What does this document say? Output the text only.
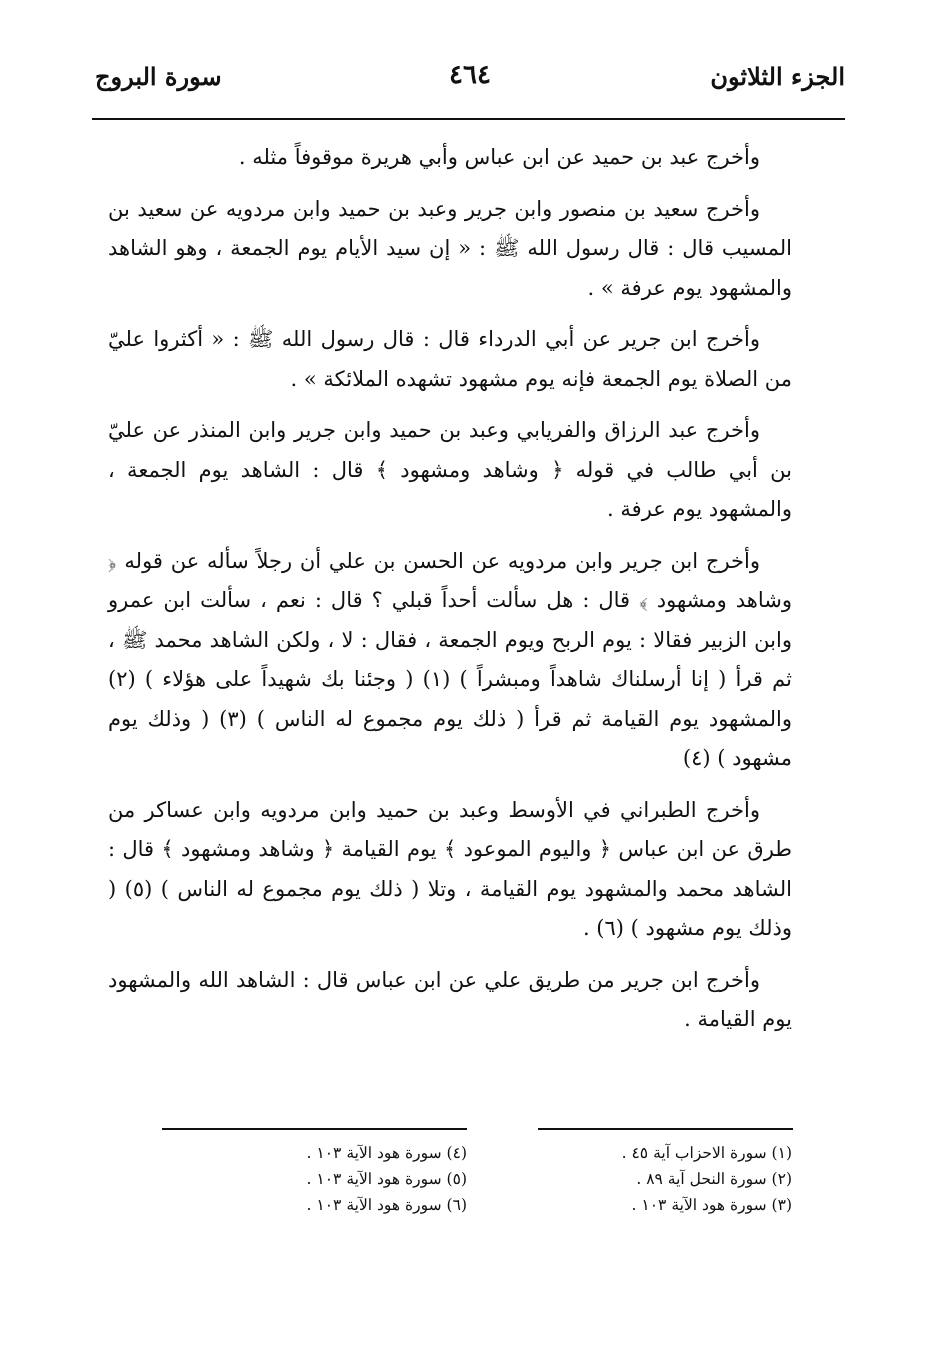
الجزء الثلاثون
٤٦٤
سورة البروج

وأخرج عبد بن حميد عن ابن عباس وأبي هريرة موقوفاً مثله .

وأخرج سعيد بن منصور وابن جرير وعبد بن حميد وابن مردويه عن سعيد بن المسيب قال : قال رسول الله ﷺ : « إن سيد الأيام يوم الجمعة ، وهو الشاهد والمشهود يوم عرفة » .

وأخرج ابن جرير عن أبي الدرداء قال : قال رسول الله ﷺ : « أكثروا عليّ من الصلاة يوم الجمعة فإنه يوم مشهود تشهده الملائكة » .

وأخرج عبد الرزاق والفريابي وعبد بن حميد وابن جرير وابن المنذر عن عليّ بن أبي طالب في قوله ﴿ وشاهد ومشهود ﴾ قال : الشاهد يوم الجمعة ، والمشهود يوم عرفة .

وأخرج ابن جرير وابن مردويه عن الحسن بن علي أن رجلاً سأله عن قوله ﴿ وشاهد ومشهود ﴾ قال : هل سألت أحداً قبلي ؟ قال : نعم ، سألت ابن عمرو وابن الزبير فقالا : يوم الربح ويوم الجمعة ، فقال : لا ، ولكن الشاهد محمد ﷺ ، ثم قرأ ( إنا أرسلناك شاهداً ومبشراً ) (١) ( وجئنا بك شهيداً على هؤلاء ) (٢) والمشهود يوم القيامة ثم قرأ ( ذلك يوم مجموع له الناس ) (٣) ( وذلك يوم مشهود ) (٤)

وأخرج الطبراني في الأوسط وعبد بن حميد وابن مردويه وابن عساكر من طرق عن ابن عباس ﴿ واليوم الموعود ﴾ يوم القيامة ﴿ وشاهد ومشهود ﴾ قال : الشاهد محمد والمشهود يوم القيامة ، وتلا ( ذلك يوم مجموع له الناس ) (٥) ( وذلك يوم مشهود ) (٦) .

وأخرج ابن جرير من طريق علي عن ابن عباس قال : الشاهد الله والمشهود يوم القيامة .

(١) سورة الاحزاب آية ٤٥ .
(٢) سورة النحل آية ٨٩ .
(٣) سورة هود الآية ١٠٣ .
(٤) سورة هود الآية ١٠٣ .
(٥) سورة هود الآية ١٠٣ .
(٦) سورة هود الآية ١٠٣ .
